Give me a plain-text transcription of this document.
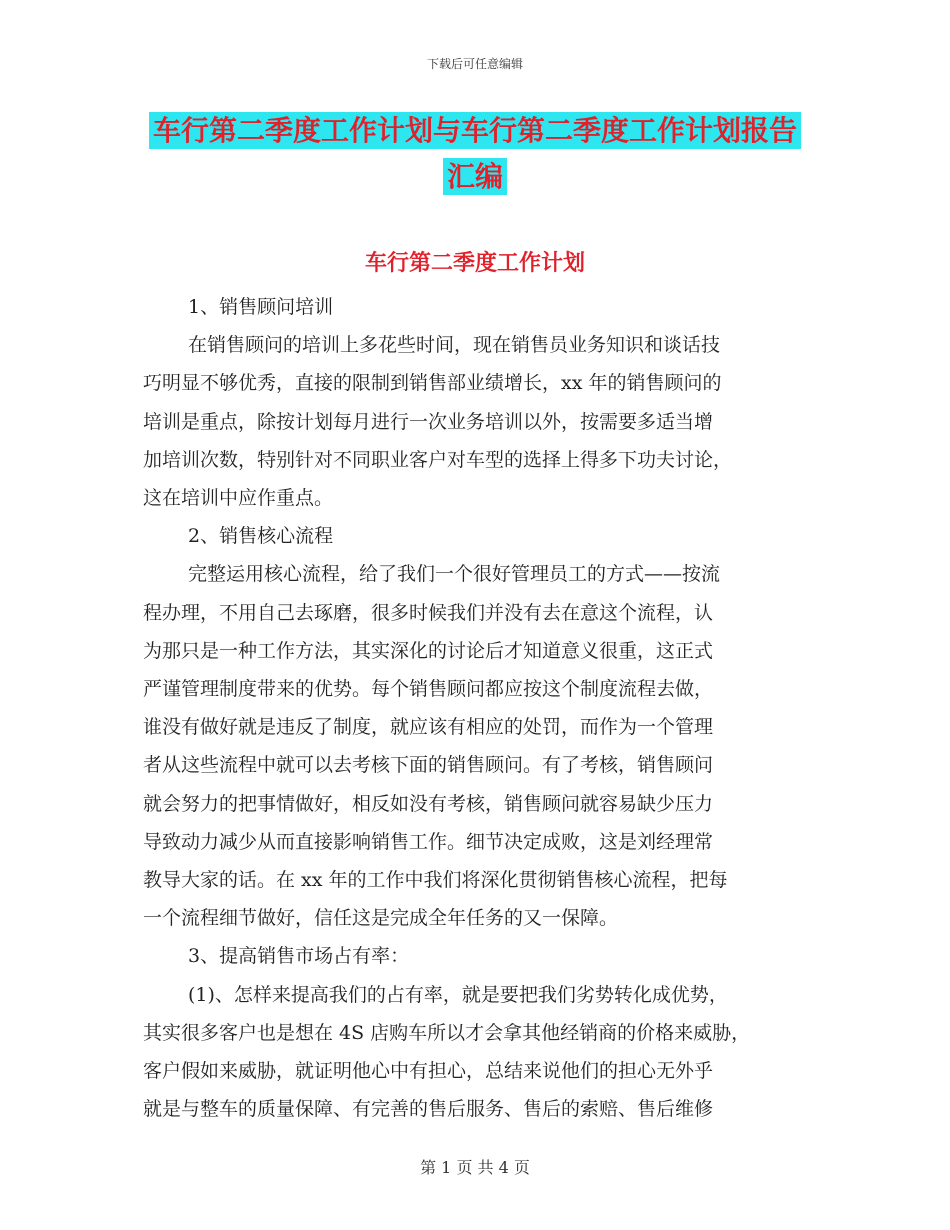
下载后可任意编辑
车行第二季度工作计划与车行第二季度工作计划报告
汇编
车行第二季度工作计划
1、销售顾问培训
在销售顾问的培训上多花些时间，现在销售员业务知识和谈话技
巧明显不够优秀，直接的限制到销售部业绩增长，xx 年的销售顾问的
培训是重点，除按计划每月进行一次业务培训以外，按需要多适当增
加培训次数，特别针对不同职业客户对车型的选择上得多下功夫讨论，
这在培训中应作重点。
2、销售核心流程
完整运用核心流程，给了我们一个很好管理员工的方式——按流
程办理，不用自己去琢磨，很多时候我们并没有去在意这个流程，认
为那只是一种工作方法，其实深化的讨论后才知道意义很重，这正式
严谨管理制度带来的优势。每个销售顾问都应按这个制度流程去做，
谁没有做好就是违反了制度，就应该有相应的处罚，而作为一个管理
者从这些流程中就可以去考核下面的销售顾问。有了考核，销售顾问
就会努力的把事情做好，相反如没有考核，销售顾问就容易缺少压力
导致动力减少从而直接影响销售工作。细节决定成败，这是刘经理常
教导大家的话。在 xx 年的工作中我们将深化贯彻销售核心流程，把每
一个流程细节做好，信任这是完成全年任务的又一保障。
3、提高销售市场占有率：
(1)、怎样来提高我们的占有率，就是要把我们劣势转化成优势，
其实很多客户也是想在 4S 店购车所以才会拿其他经销商的价格来威胁，
客户假如来威胁，就证明他心中有担心，总结来说他们的担心无外乎
就是与整车的质量保障、有完善的售后服务、售后的索赔、售后维修
第 1 页 共 4 页
